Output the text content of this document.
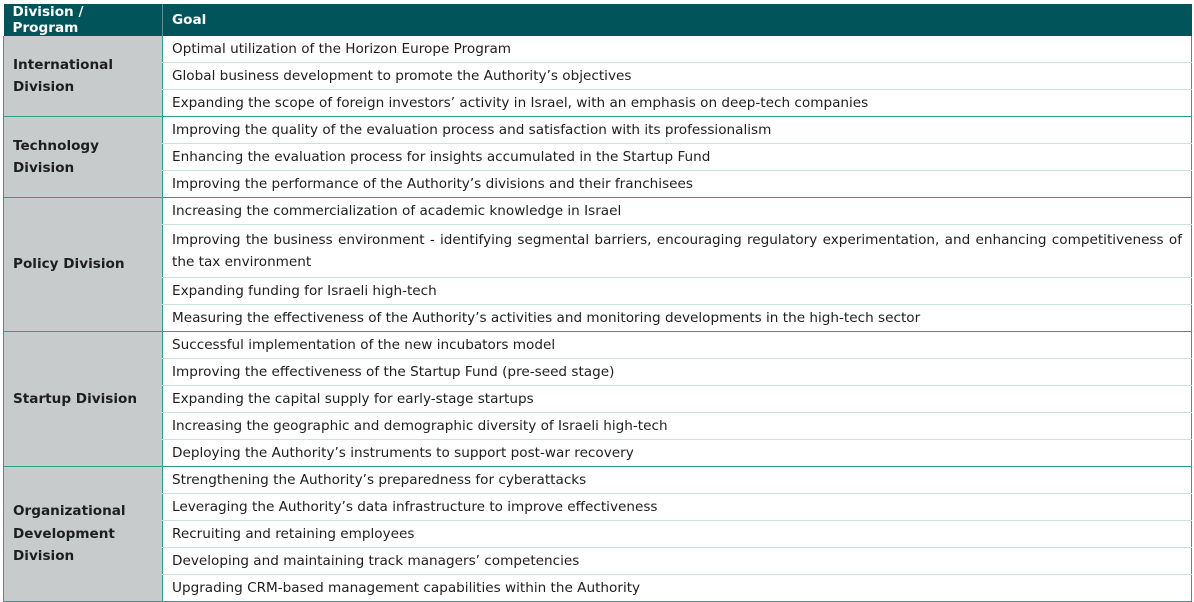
Division / Program	Goal
International Division	Optimal utilization of the Horizon Europe Program
	Global business development to promote the Authority’s objectives
	Expanding the scope of foreign investors’ activity in Israel, with an emphasis on deep-tech companies
Technology Division	Improving the quality of the evaluation process and satisfaction with its professionalism
	Enhancing the evaluation process for insights accumulated in the Startup Fund
	Improving the performance of the Authority’s divisions and their franchisees
Policy Division	Increasing the commercialization of academic knowledge in Israel
	Improving the business environment - identifying segmental barriers, encouraging regulatory experimentation, and enhancing competitiveness of the tax environment
	Expanding funding for Israeli high-tech
	Measuring the effectiveness of the Authority’s activities and monitoring developments in the high-tech sector
Startup Division	Successful implementation of the new incubators model
	Improving the effectiveness of the Startup Fund (pre-seed stage)
	Expanding the capital supply for early-stage startups
	Increasing the geographic and demographic diversity of Israeli high-tech
	Deploying the Authority’s instruments to support post-war recovery
Organizational Development Division	Strengthening the Authority’s preparedness for cyberattacks
	Leveraging the Authority’s data infrastructure to improve effectiveness
	Recruiting and retaining employees
	Developing and maintaining track managers’ competencies
	Upgrading CRM-based management capabilities within the Authority
